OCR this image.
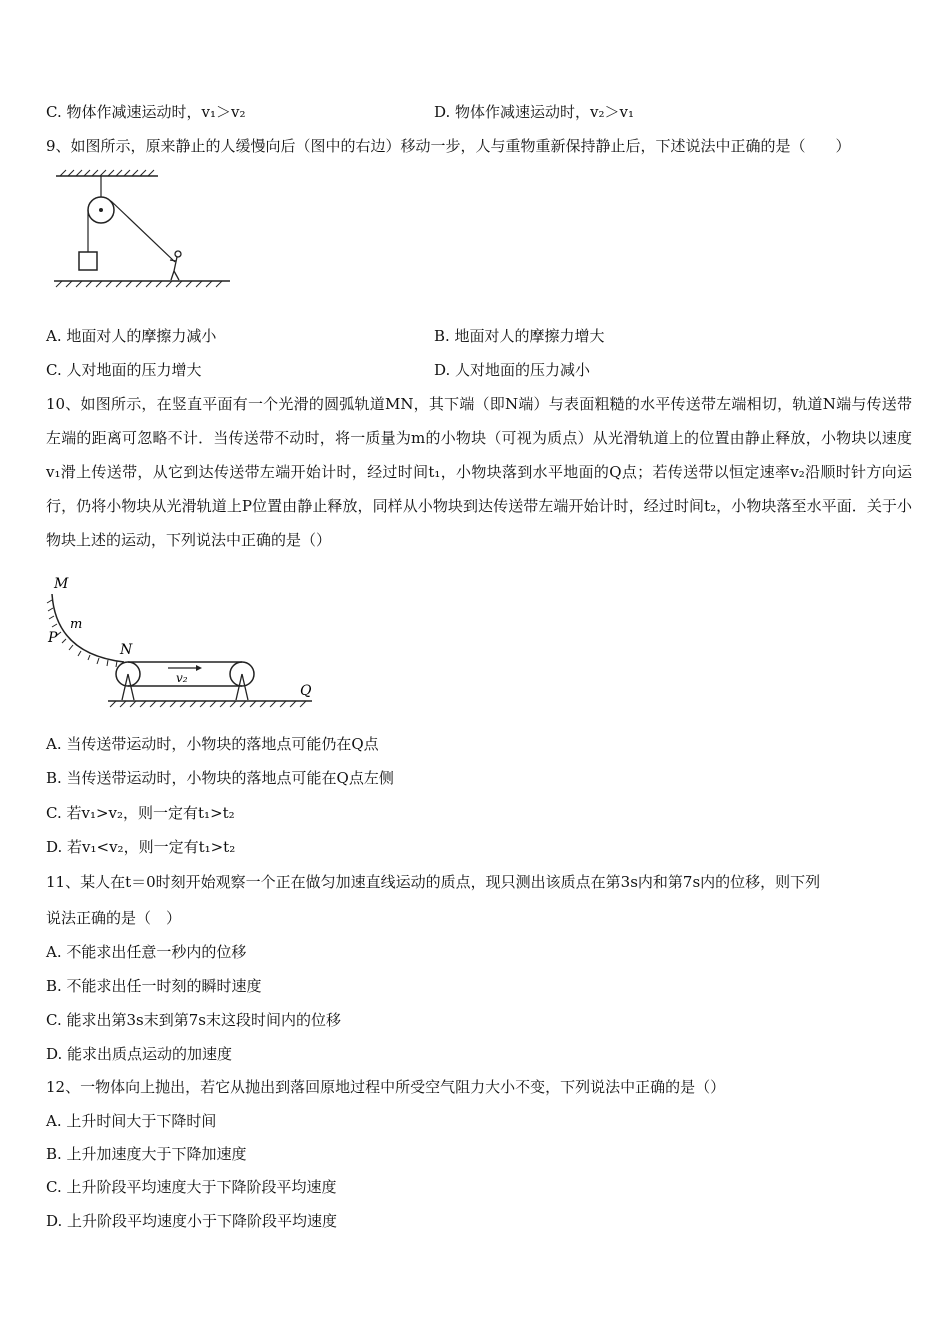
C. 物体作减速运动时，v₁＞v₂	D. 物体作减速运动时，v₂＞v₁
9、如图所示，原来静止的人缓慢向后（图中的右边）移动一步，人与重物重新保持静止后，下述说法中正确的是（　　）
A. 地面对人的摩擦力减小	B. 地面对人的摩擦力增大
C. 人对地面的压力增大	D. 人对地面的压力减小
10、如图所示，在竖直平面有一个光滑的圆弧轨道MN，其下端（即N端）与表面粗糙的水平传送带左端相切，轨道N端与传送带左端的距离可忽略不计．当传送带不动时，将一质量为m的小物块（可视为质点）从光滑轨道上的位置由静止释放，小物块以速度v₁滑上传送带，从它到达传送带左端开始计时，经过时间t₁，小物块落到水平地面的Q点；若传送带以恒定速率v₂沿顺时针方向运行，仍将小物块从光滑轨道上P位置由静止释放，同样从小物块到达传送带左端开始计时，经过时间t₂，小物块落至水平面．关于小物块上述的运动，下列说法中正确的是（）
M
m
P
N
v₂
Q
A. 当传送带运动时，小物块的落地点可能仍在Q点
B. 当传送带运动时，小物块的落地点可能在Q点左侧
C. 若v₁>v₂，则一定有t₁>t₂
D. 若v₁<v₂，则一定有t₁>t₂
11、某人在t＝0时刻开始观察一个正在做匀加速直线运动的质点，现只测出该质点在第3s内和第7s内的位移，则下列
说法正确的是（　）
A. 不能求出任意一秒内的位移
B. 不能求出任一时刻的瞬时速度
C. 能求出第3s末到第7s末这段时间内的位移
D. 能求出质点运动的加速度
12、一物体向上抛出，若它从抛出到落回原地过程中所受空气阻力大小不变，下列说法中正确的是（）
A. 上升时间大于下降时间
B. 上升加速度大于下降加速度
C. 上升阶段平均速度大于下降阶段平均速度
D. 上升阶段平均速度小于下降阶段平均速度
